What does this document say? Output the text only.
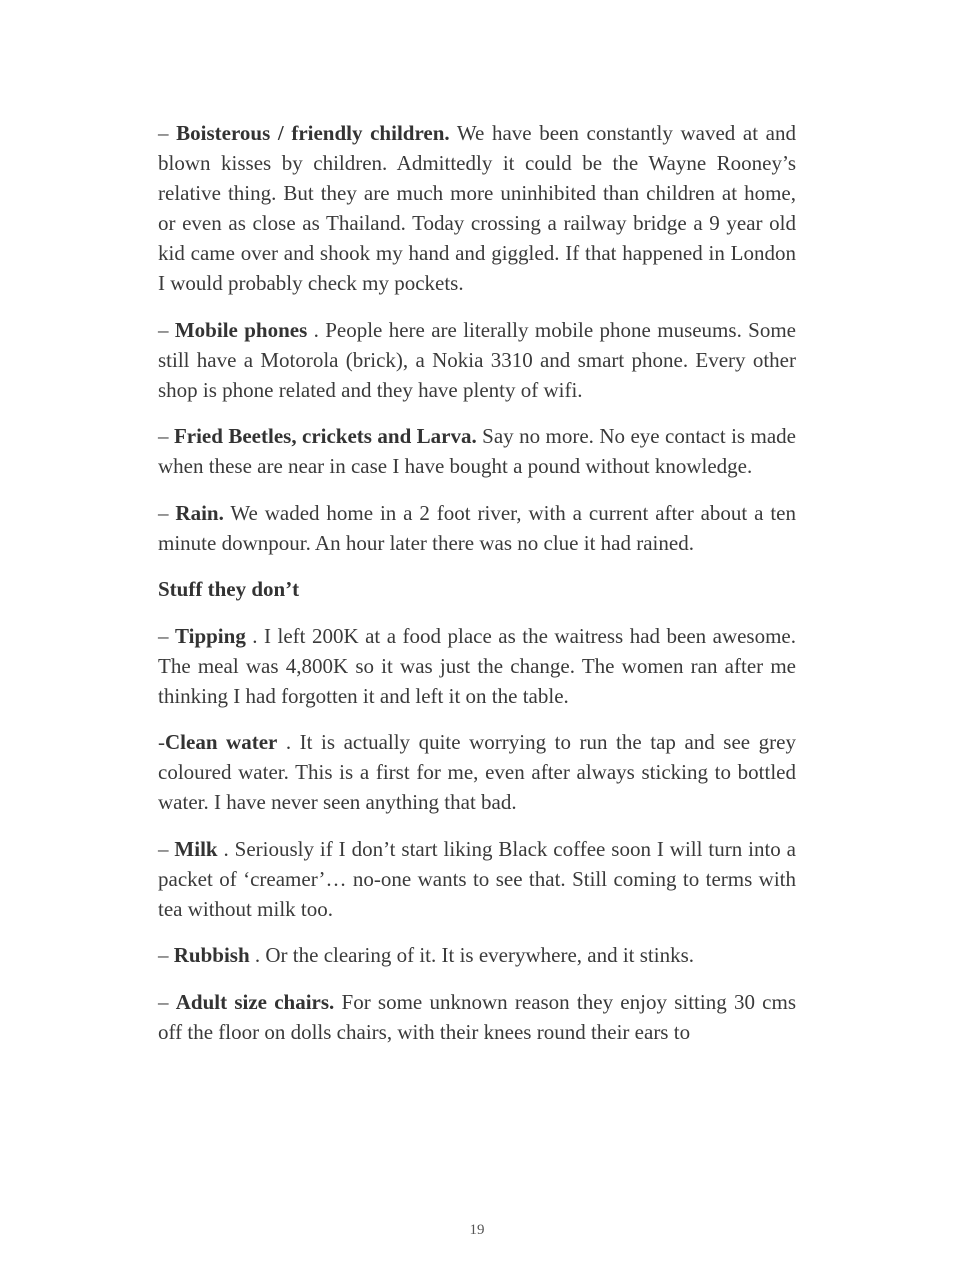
– Boisterous / friendly children. We have been constantly waved at and blown kisses by children. Admittedly it could be the Wayne Rooney’s relative thing. But they are much more uninhibited than children at home, or even as close as Thailand. Today crossing a railway bridge a 9 year old kid came over and shook my hand and giggled. If that happened in London I would probably check my pockets.

– Mobile phones . People here are literally mobile phone museums. Some still have a Motorola (brick), a Nokia 3310 and smart phone. Every other shop is phone related and they have plenty of wifi.

– Fried Beetles, crickets and Larva. Say no more. No eye contact is made when these are near in case I have bought a pound without knowledge.

– Rain. We waded home in a 2 foot river, with a current after about a ten minute downpour. An hour later there was no clue it had rained.

Stuff they don’t

– Tipping . I left 200K at a food place as the waitress had been awesome. The meal was 4,800K so it was just the change. The women ran after me thinking I had forgotten it and left it on the table.

-Clean water . It is actually quite worrying to run the tap and see grey coloured water. This is a first for me, even after always sticking to bottled water. I have never seen anything that bad.

– Milk . Seriously if I don’t start liking Black coffee soon I will turn into a packet of ‘creamer’… no-one wants to see that. Still coming to terms with tea without milk too.

– Rubbish . Or the clearing of it. It is everywhere, and it stinks.

– Adult size chairs. For some unknown reason they enjoy sitting 30 cms off the floor on dolls chairs, with their knees round their ears to

19
